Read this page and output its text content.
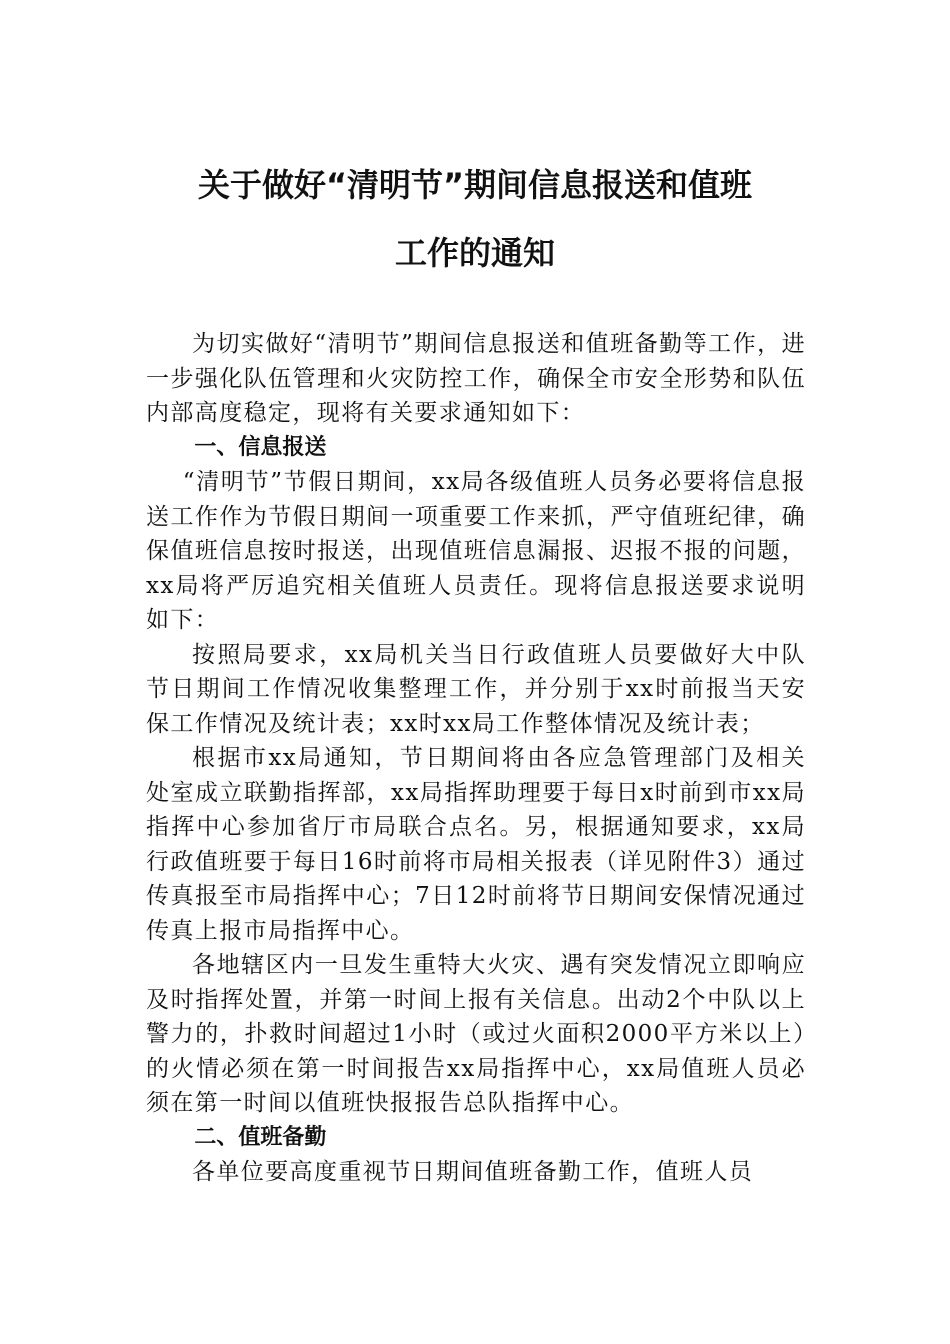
关于做好“清明节”期间信息报送和值班
工作的通知

为切实做好“清明节”期间信息报送和值班备勤等工作，进一步强化队伍管理和火灾防控工作，确保全市安全形势和队伍内部高度稳定，现将有关要求通知如下：

一、信息报送

“清明节”节假日期间，xx局各级值班人员务必要将信息报送工作作为节假日期间一项重要工作来抓，严守值班纪律，确保值班信息按时报送，出现值班信息漏报、迟报不报的问题，xx局将严厉追究相关值班人员责任。现将信息报送要求说明如下：

按照局要求，xx局机关当日行政值班人员要做好大中队节日期间工作情况收集整理工作，并分别于xx时前报当天安保工作情况及统计表；xx时xx局工作整体情况及统计表；

根据市xx局通知，节日期间将由各应急管理部门及相关处室成立联勤指挥部，xx局指挥助理要于每日x时前到市xx局指挥中心参加省厅市局联合点名。另，根据通知要求，xx局行政值班要于每日16时前将市局相关报表（详见附件3）通过传真报至市局指挥中心；7日12时前将节日期间安保情况通过传真上报市局指挥中心。

各地辖区内一旦发生重特大火灾、遇有突发情况立即响应及时指挥处置，并第一时间上报有关信息。出动2个中队以上警力的，扑救时间超过1小时（或过火面积2000平方米以上）的火情必须在第一时间报告xx局指挥中心，xx局值班人员必须在第一时间以值班快报报告总队指挥中心。

二、值班备勤

各单位要高度重视节日期间值班备勤工作，值班人员
